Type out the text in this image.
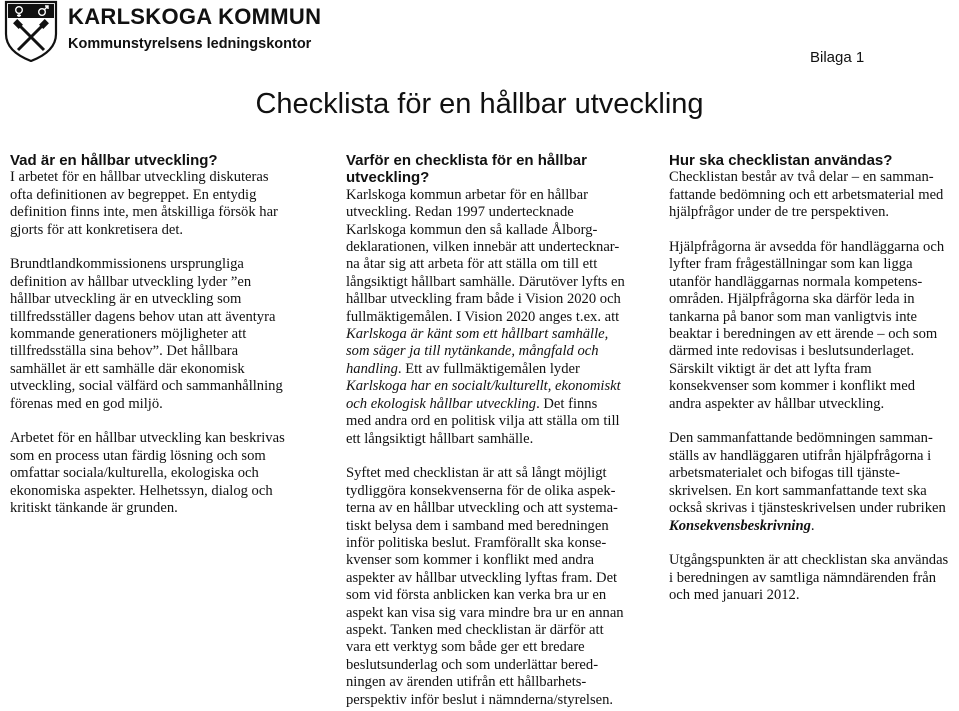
KARLSKOGA KOMMUN
Kommunstyrelsens ledningskontor
Bilaga 1
Checklista för en hållbar utveckling
Vad är en hållbar utveckling?
I arbetet för en hållbar utveckling diskuteras
ofta definitionen av begreppet. En entydig
definition finns inte, men åtskilliga försök har
gjorts för att konkretisera det.
Brundtlandkommissionens ursprungliga
definition av hållbar utveckling lyder ”en
hållbar utveckling är en utveckling som
tillfredsställer dagens behov utan att äventyra
kommande generationers möjligheter att
tillfredsställa sina behov”. Det hållbara
samhället är ett samhälle där ekonomisk
utveckling, social välfärd och sammanhållning
förenas med en god miljö.
Arbetet för en hållbar utveckling kan beskrivas
som en process utan färdig lösning och som
omfattar sociala/kulturella, ekologiska och
ekonomiska aspekter. Helhetssyn, dialog och
kritiskt tänkande är grunden.
Varför en checklista för en hållbar
utveckling?
Karlskoga kommun arbetar för en hållbar
utveckling. Redan 1997 undertecknade
Karlskoga kommun den så kallade Ålborg-
deklarationen, vilken innebär att undertecknar-
na åtar sig att arbeta för att ställa om till ett
långsiktigt hållbart samhälle. Därutöver lyfts en
hållbar utveckling fram både i Vision 2020 och
fullmäktigemålen. I Vision 2020 anges t.ex. att
Karlskoga är känt som ett hållbart samhälle,
som säger ja till nytänkande, mångfald och
handling. Ett av fullmäktigemålen lyder
Karlskoga har en socialt/kulturellt, ekonomiskt
och ekologisk hållbar utveckling. Det finns
med andra ord en politisk vilja att ställa om till
ett långsiktigt hållbart samhälle.
Syftet med checklistan är att så långt möjligt
tydliggöra konsekvenserna för de olika aspek-
terna av en hållbar utveckling och att systema-
tiskt belysa dem i samband med beredningen
inför politiska beslut. Framförallt ska konse-
kvenser som kommer i konflikt med andra
aspekter av hållbar utveckling lyftas fram. Det
som vid första anblicken kan verka bra ur en
aspekt kan visa sig vara mindre bra ur en annan
aspekt. Tanken med checklistan är därför att
vara ett verktyg som både ger ett bredare
beslutsunderlag och som underlättar bered-
ningen av ärenden utifrån ett hållbarhets-
perspektiv inför beslut i nämnderna/styrelsen.
Hur ska checklistan användas?
Checklistan består av två delar – en samman-
fattande bedömning och ett arbetsmaterial med
hjälpfrågor under de tre perspektiven.
Hjälpfrågorna är avsedda för handläggarna och
lyfter fram frågeställningar som kan ligga
utanför handläggarnas normala kompetens-
områden. Hjälpfrågorna ska därför leda in
tankarna på banor som man vanligtvis inte
beaktar i beredningen av ett ärende – och som
därmed inte redovisas i beslutsunderlaget.
Särskilt viktigt är det att lyfta fram
konsekvenser som kommer i konflikt med
andra aspekter av hållbar utveckling.
Den sammanfattande bedömningen samman-
ställs av handläggaren utifrån hjälpfrågorna i
arbetsmaterialet och bifogas till tjänste-
skrivelsen. En kort sammanfattande text ska
också skrivas i tjänsteskrivelsen under rubriken
Konsekvensbeskrivning.
Utgångspunkten är att checklistan ska användas
i beredningen av samtliga nämndärenden från
och med januari 2012.
